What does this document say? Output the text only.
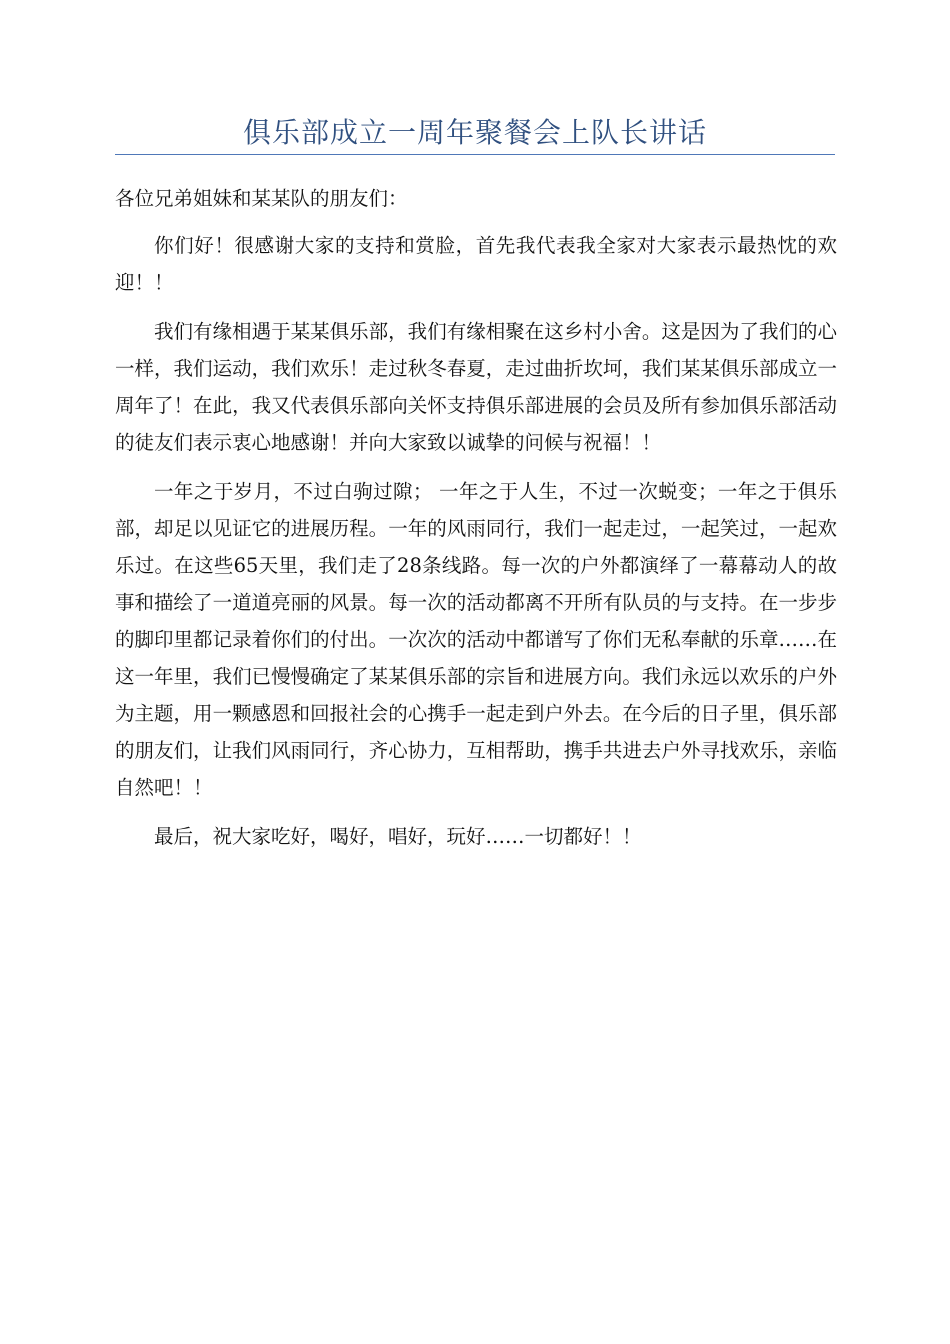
俱乐部成立一周年聚餐会上队长讲话

各位兄弟姐妹和某某队的朋友们：

你们好！很感谢大家的支持和赏脸，首先我代表我全家对大家表示最热忱的欢迎！！

我们有缘相遇于某某俱乐部，我们有缘相聚在这乡村小舍。这是因为了我们的心一样，我们运动，我们欢乐！走过秋冬春夏，走过曲折坎坷，我们某某俱乐部成立一周年了！在此，我又代表俱乐部向关怀支持俱乐部进展的会员及所有参加俱乐部活动的徒友们表示衷心地感谢！并向大家致以诚挚的问候与祝福！！

一年之于岁月，不过白驹过隙； 一年之于人生，不过一次蜕变；一年之于俱乐部，却足以见证它的进展历程。一年的风雨同行，我们一起走过，一起笑过，一起欢乐过。在这些65天里，我们走了28条线路。每一次的户外都演绎了一幕幕动人的故事和描绘了一道道亮丽的风景。每一次的活动都离不开所有队员的与支持。在一步步的脚印里都记录着你们的付出。一次次的活动中都谱写了你们无私奉献的乐章……在这一年里，我们已慢慢确定了某某俱乐部的宗旨和进展方向。我们永远以欢乐的户外为主题，用一颗感恩和回报社会的心携手一起走到户外去。在今后的日子里，俱乐部的朋友们，让我们风雨同行，齐心协力，互相帮助，携手共进去户外寻找欢乐，亲临自然吧！！

最后，祝大家吃好，喝好，唱好，玩好……一切都好！！
